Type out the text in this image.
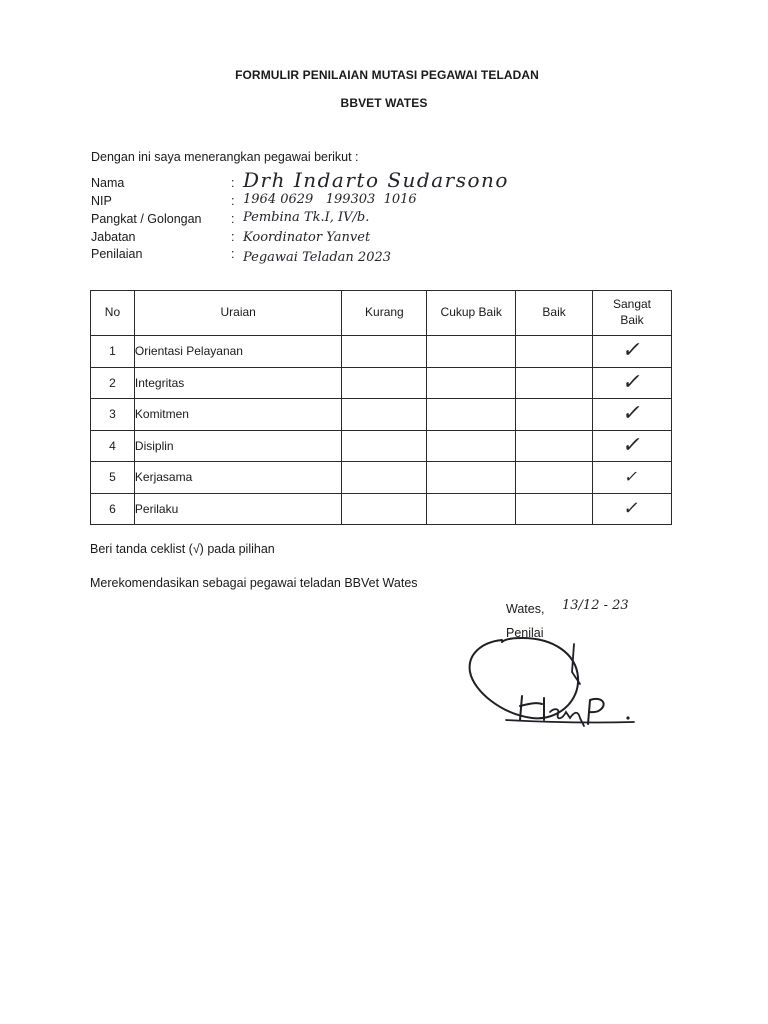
FORMULIR PENILAIAN MUTASI PEGAWAI TELADAN
BBVET WATES
Dengan ini saya menerangkan pegawai berikut :
Nama	: Drh Indarto Sudarsono
NIP	: 1964 0629   199303  1016
Pangkat / Golongan : Pembina Tk.I, IV/b.
Jabatan	: Koordinator Yanvet
Penilaian	: Pegawai Teladan 2023
No	Uraian	Kurang	Cukup Baik	Baik	Sangat Baik
1	Orientasi Pelayanan				✓
2	Integritas				✓
3	Komitmen				✓
4	Disiplin				✓
5	Kerjasama				✓
6	Perilaku				✓
Beri tanda ceklist (√) pada pilihan
Merekomendasikan sebagai pegawai teladan BBVet Wates
Wates, 13/12 - 23
Penilai
